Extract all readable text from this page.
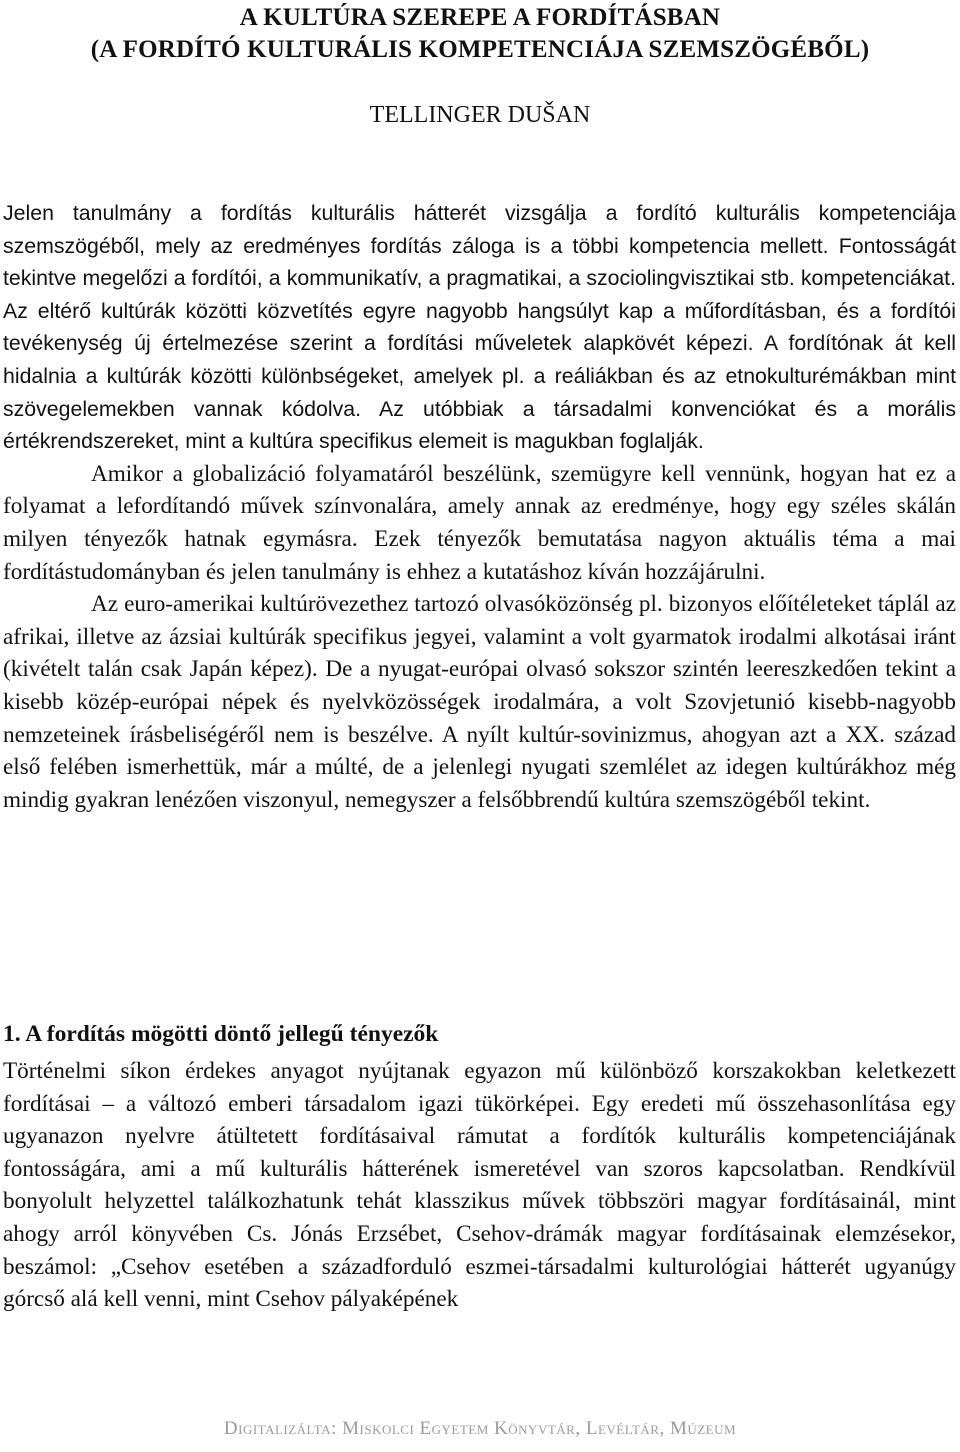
A KULTÚRA SZEREPE A FORDÍTÁSBAN
(A FORDÍTÓ KULTURÁLIS KOMPETENCIÁJA SZEMSZÖGÉBŐL)
TELLINGER DUŠAN

Jelen tanulmány a fordítás kulturális hátterét vizsgálja a fordító kulturális kompetenciája szemszögéből, mely az eredményes fordítás záloga is a többi kompetencia mellett. Fontosságát tekintve megelőzi a fordítói, a kommunikatív, a pragmatikai, a szociolingvisztikai stb. kompetenciákat. Az eltérő kultúrák közötti közvetítés egyre nagyobb hangsúlyt kap a műfordításban, és a fordítói tevékenység új értelmezése szerint a fordítási műveletek alapkövét képezi. A fordítónak át kell hidalnia a kultúrák közötti különbségeket, amelyek pl. a reáliákban és az etnokulturémákban mint szövegelemekben vannak kódolva. Az utóbbiak a társadalmi konvenciókat és a morális értékrendszereket, mint a kultúra specifikus elemeit is magukban foglalják.

Amikor a globalizáció folyamatáról beszélünk, szemügyre kell vennünk, hogyan hat ez a folyamat a lefordítandó művek színvonalára, amely annak az eredménye, hogy egy széles skálán milyen tényezők hatnak egymásra. Ezek tényezők bemutatása nagyon aktuális téma a mai fordítástudományban és jelen tanulmány is ehhez a kutatáshoz kíván hozzájárulni.

Az euro-amerikai kultúrövezethez tartozó olvasóközönség pl. bizonyos előítéleteket táplál az afrikai, illetve az ázsiai kultúrák specifikus jegyei, valamint a volt gyarmatok irodalmi alkotásai iránt (kivételt talán csak Japán képez). De a nyugat-európai olvasó sokszor szintén leereszkedően tekint a kisebb közép-európai népek és nyelvközösségek irodalmára, a volt Szovjetunió kisebb-nagyobb nemzeteinek írásbeliségéről nem is beszélve. A nyílt kultúr-sovinizmus, ahogyan azt a XX. század első felében ismerhettük, már a múlté, de a jelenlegi nyugati szemlélet az idegen kultúrákhoz még mindig gyakran lenézően viszonyul, nemegyszer a felsőbbrendű kultúra szemszögéből tekint.

1. A fordítás mögötti döntő jellegű tényezők

Történelmi síkon érdekes anyagot nyújtanak egyazon mű különböző korszakokban keletkezett fordításai – a változó emberi társadalom igazi tükörképei. Egy eredeti mű összehasonlítása egy ugyanazon nyelvre átültetett fordításaival rámutat a fordítók kulturális kompetenciájának fontosságára, ami a mű kulturális hátterének ismeretével van szoros kapcsolatban. Rendkívül bonyolult helyzettel találkozhatunk tehát klasszikus művek többszöri magyar fordításainál, mint ahogy arról könyvében Cs. Jónás Erzsébet, Csehov-drámák magyar fordításainak elemzésekor, beszámol: „Csehov esetében a századforduló eszmei-társadalmi kulturológiai hátterét ugyanúgy górcső alá kell venni, mint Csehov pályaképének

Digitalizálta: Miskolci Egyetem Könyvtár, Levéltár, Múzeum
